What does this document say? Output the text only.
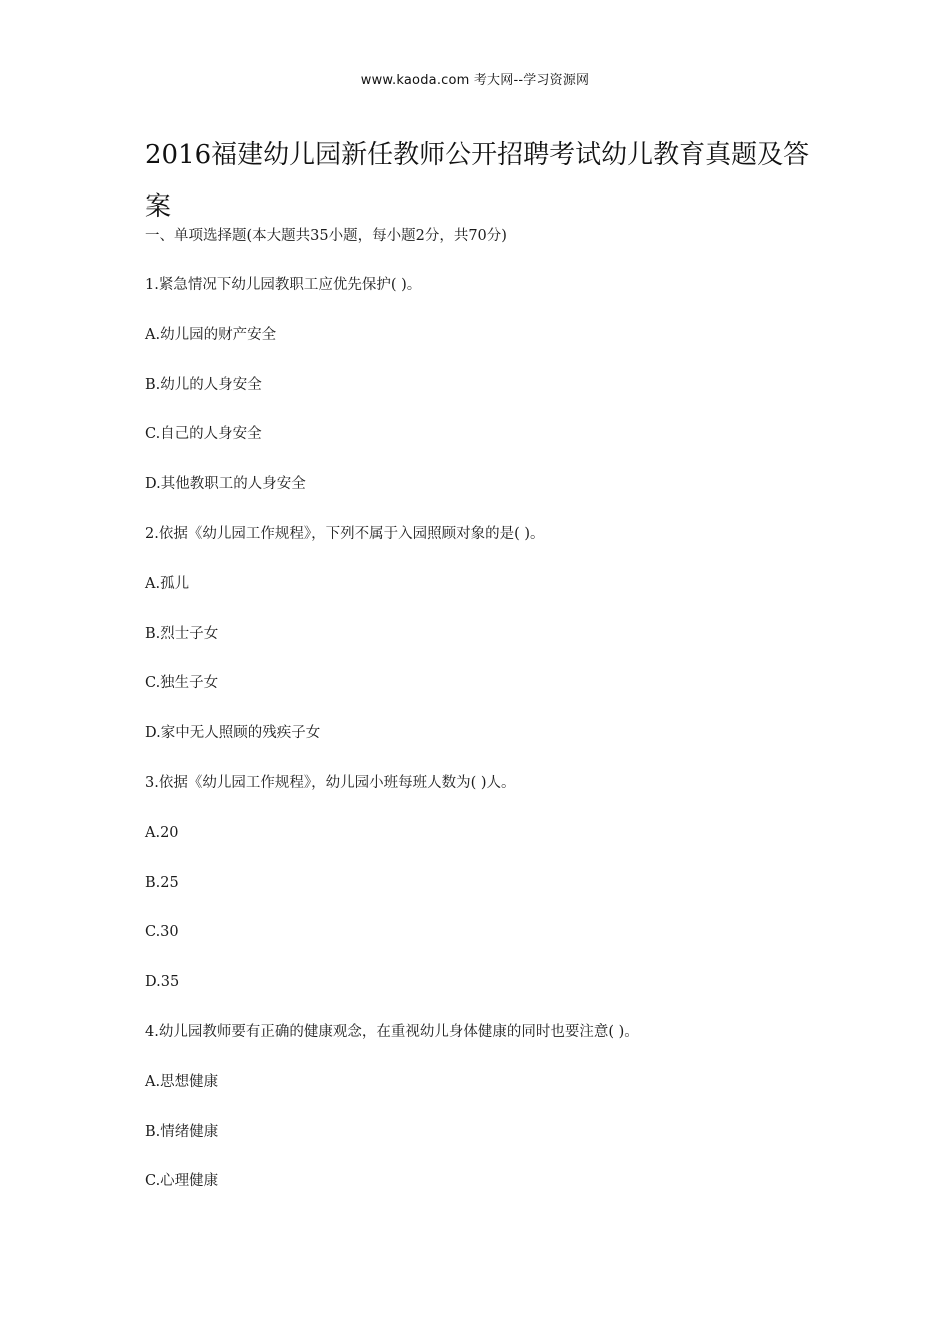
www.kaoda.com 考大网--学习资源网
2016福建幼儿园新任教师公开招聘考试幼儿教育真题及答案
一、单项选择题(本大题共35小题，每小题2分，共70分)
1.紧急情况下幼儿园教职工应优先保护( )。
A.幼儿园的财产安全
B.幼儿的人身安全
C.自己的人身安全
D.其他教职工的人身安全
2.依据《幼儿园工作规程》，下列不属于入园照顾对象的是( )。
A.孤儿
B.烈士子女
C.独生子女
D.家中无人照顾的残疾子女
3.依据《幼儿园工作规程》，幼儿园小班每班人数为( )人。
A.20
B.25
C.30
D.35
4.幼儿园教师要有正确的健康观念，在重视幼儿身体健康的同时也要注意( )。
A.思想健康
B.情绪健康
C.心理健康
